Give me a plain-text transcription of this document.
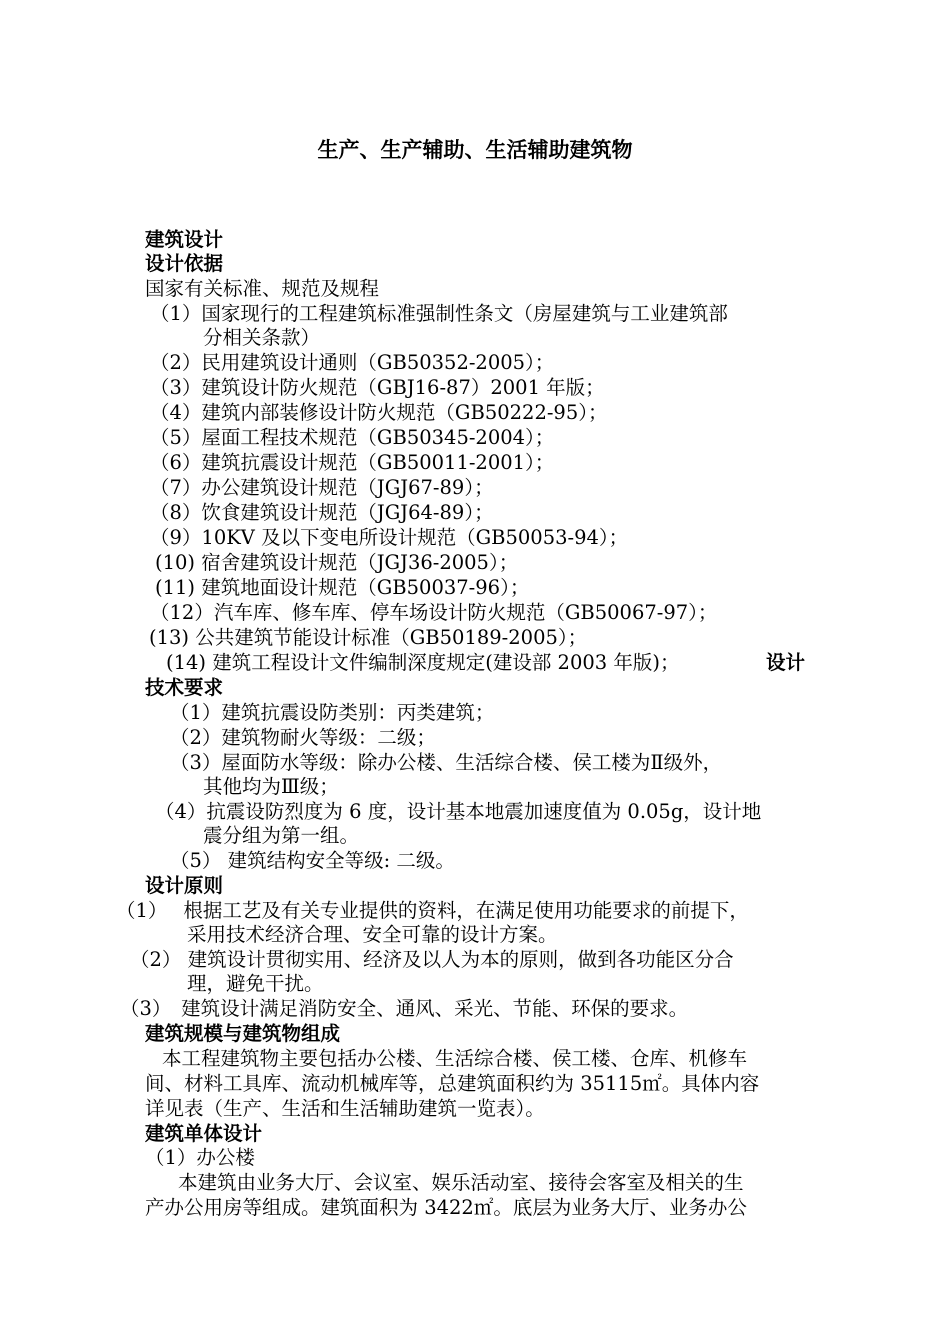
生产、生产辅助、生活辅助建筑物
建筑设计
设计依据
国家有关标准、规范及规程
（1）国家现行的工程建筑标准强制性条文（房屋建筑与工业建筑部
分相关条款）
（2）民用建筑设计通则（GB50352-2005）；
（3）建筑设计防火规范（GBJ16-87）2001 年版；
（4）建筑内部装修设计防火规范（GB50222-95）；
（5）屋面工程技术规范（GB50345-2004）；
（6）建筑抗震设计规范（GB50011-2001）；
（7）办公建筑设计规范（JGJ67-89）；
（8）饮食建筑设计规范（JGJ64-89）；
（9）10KV 及以下变电所设计规范（GB50053-94）；
(10) 宿舍建筑设计规范（JGJ36-2005）；
(11) 建筑地面设计规范（GB50037-96）；
（12）汽车库、修车库、停车场设计防火规范（GB50067-97）；
(13) 公共建筑节能设计标准（GB50189-2005）；
(14) 建筑工程设计文件编制深度规定(建设部 2003 年版)；	设计
技术要求
（1）建筑抗震设防类别：丙类建筑；
（2）建筑物耐火等级：二级；
（3）屋面防水等级：除办公楼、生活综合楼、侯工楼为Ⅱ级外，
其他均为Ⅲ级；
（4）抗震设防烈度为 6 度，设计基本地震加速度值为 0.05g，设计地
震分组为第一组。
（5） 建筑结构安全等级: 二级。
设计原则
（1）　 根据工艺及有关专业提供的资料，在满足使用功能要求的前提下，
采用技术经济合理、安全可靠的设计方案。
（2） 建筑设计贯彻实用、经济及以人为本的原则，做到各功能区分合
理，避免干扰。
（3）　建筑设计满足消防安全、通风、采光、节能、环保的要求。
建筑规模与建筑物组成
本工程建筑物主要包括办公楼、生活综合楼、侯工楼、仓库、机修车
间、材料工具库、流动机械库等，总建筑面积约为 35115㎡。具体内容
详见表（生产、生活和生活辅助建筑一览表）。
建筑单体设计
（1）办公楼
本建筑由业务大厅、会议室、娱乐活动室、接待会客室及相关的生
产办公用房等组成。建筑面积为 3422㎡。底层为业务大厅、业务办公
